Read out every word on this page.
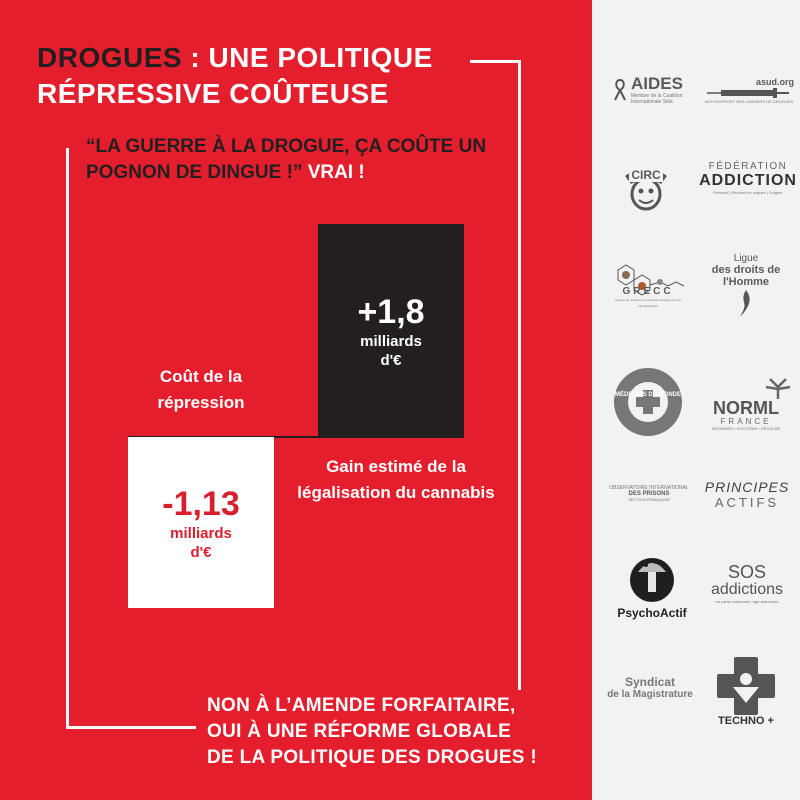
DROGUES : UNE POLITIQUE
RÉPRESSIVE COÛTEUSE
“LA GUERRE À LA DROGUE, ÇA COÛTE UN POGNON DE DINGUE !” VRAI !
+1,8
milliards
d'€
-1,13
milliards
d'€
Coût de la répression
Gain estimé de la légalisation du cannabis
NON À L’AMENDE FORFAITAIRE,
OUI À UNE RÉFORME GLOBALE
DE LA POLITIQUE DES DROGUES !
AIDES
Membre de la Coalition Internationale Sida
asud.org
AUTOSUPPORT DES USAGERS DE DROGUES
CIRC
FÉDÉRATION
ADDICTION
Prévenir | Réduire les risques | Soigner
GRECC
Groupe de recherche et d'études cliniques sur les cannabinoïdes
Ligue
des droits de
l'Homme
MÉDECINS DU MONDE
NORML
FRANCE
INFORMER • SOUTENIR • RÉGULER
OBSERVATOIRE INTERNATIONAL
DES PRISONS
SECTION FRANÇAISE
PRINCIPES
ACTIFS
PsychoActif
SOS
addictions
en parler autrement, agir autrement
Syndicat
de la Magistrature
TECHNO +
